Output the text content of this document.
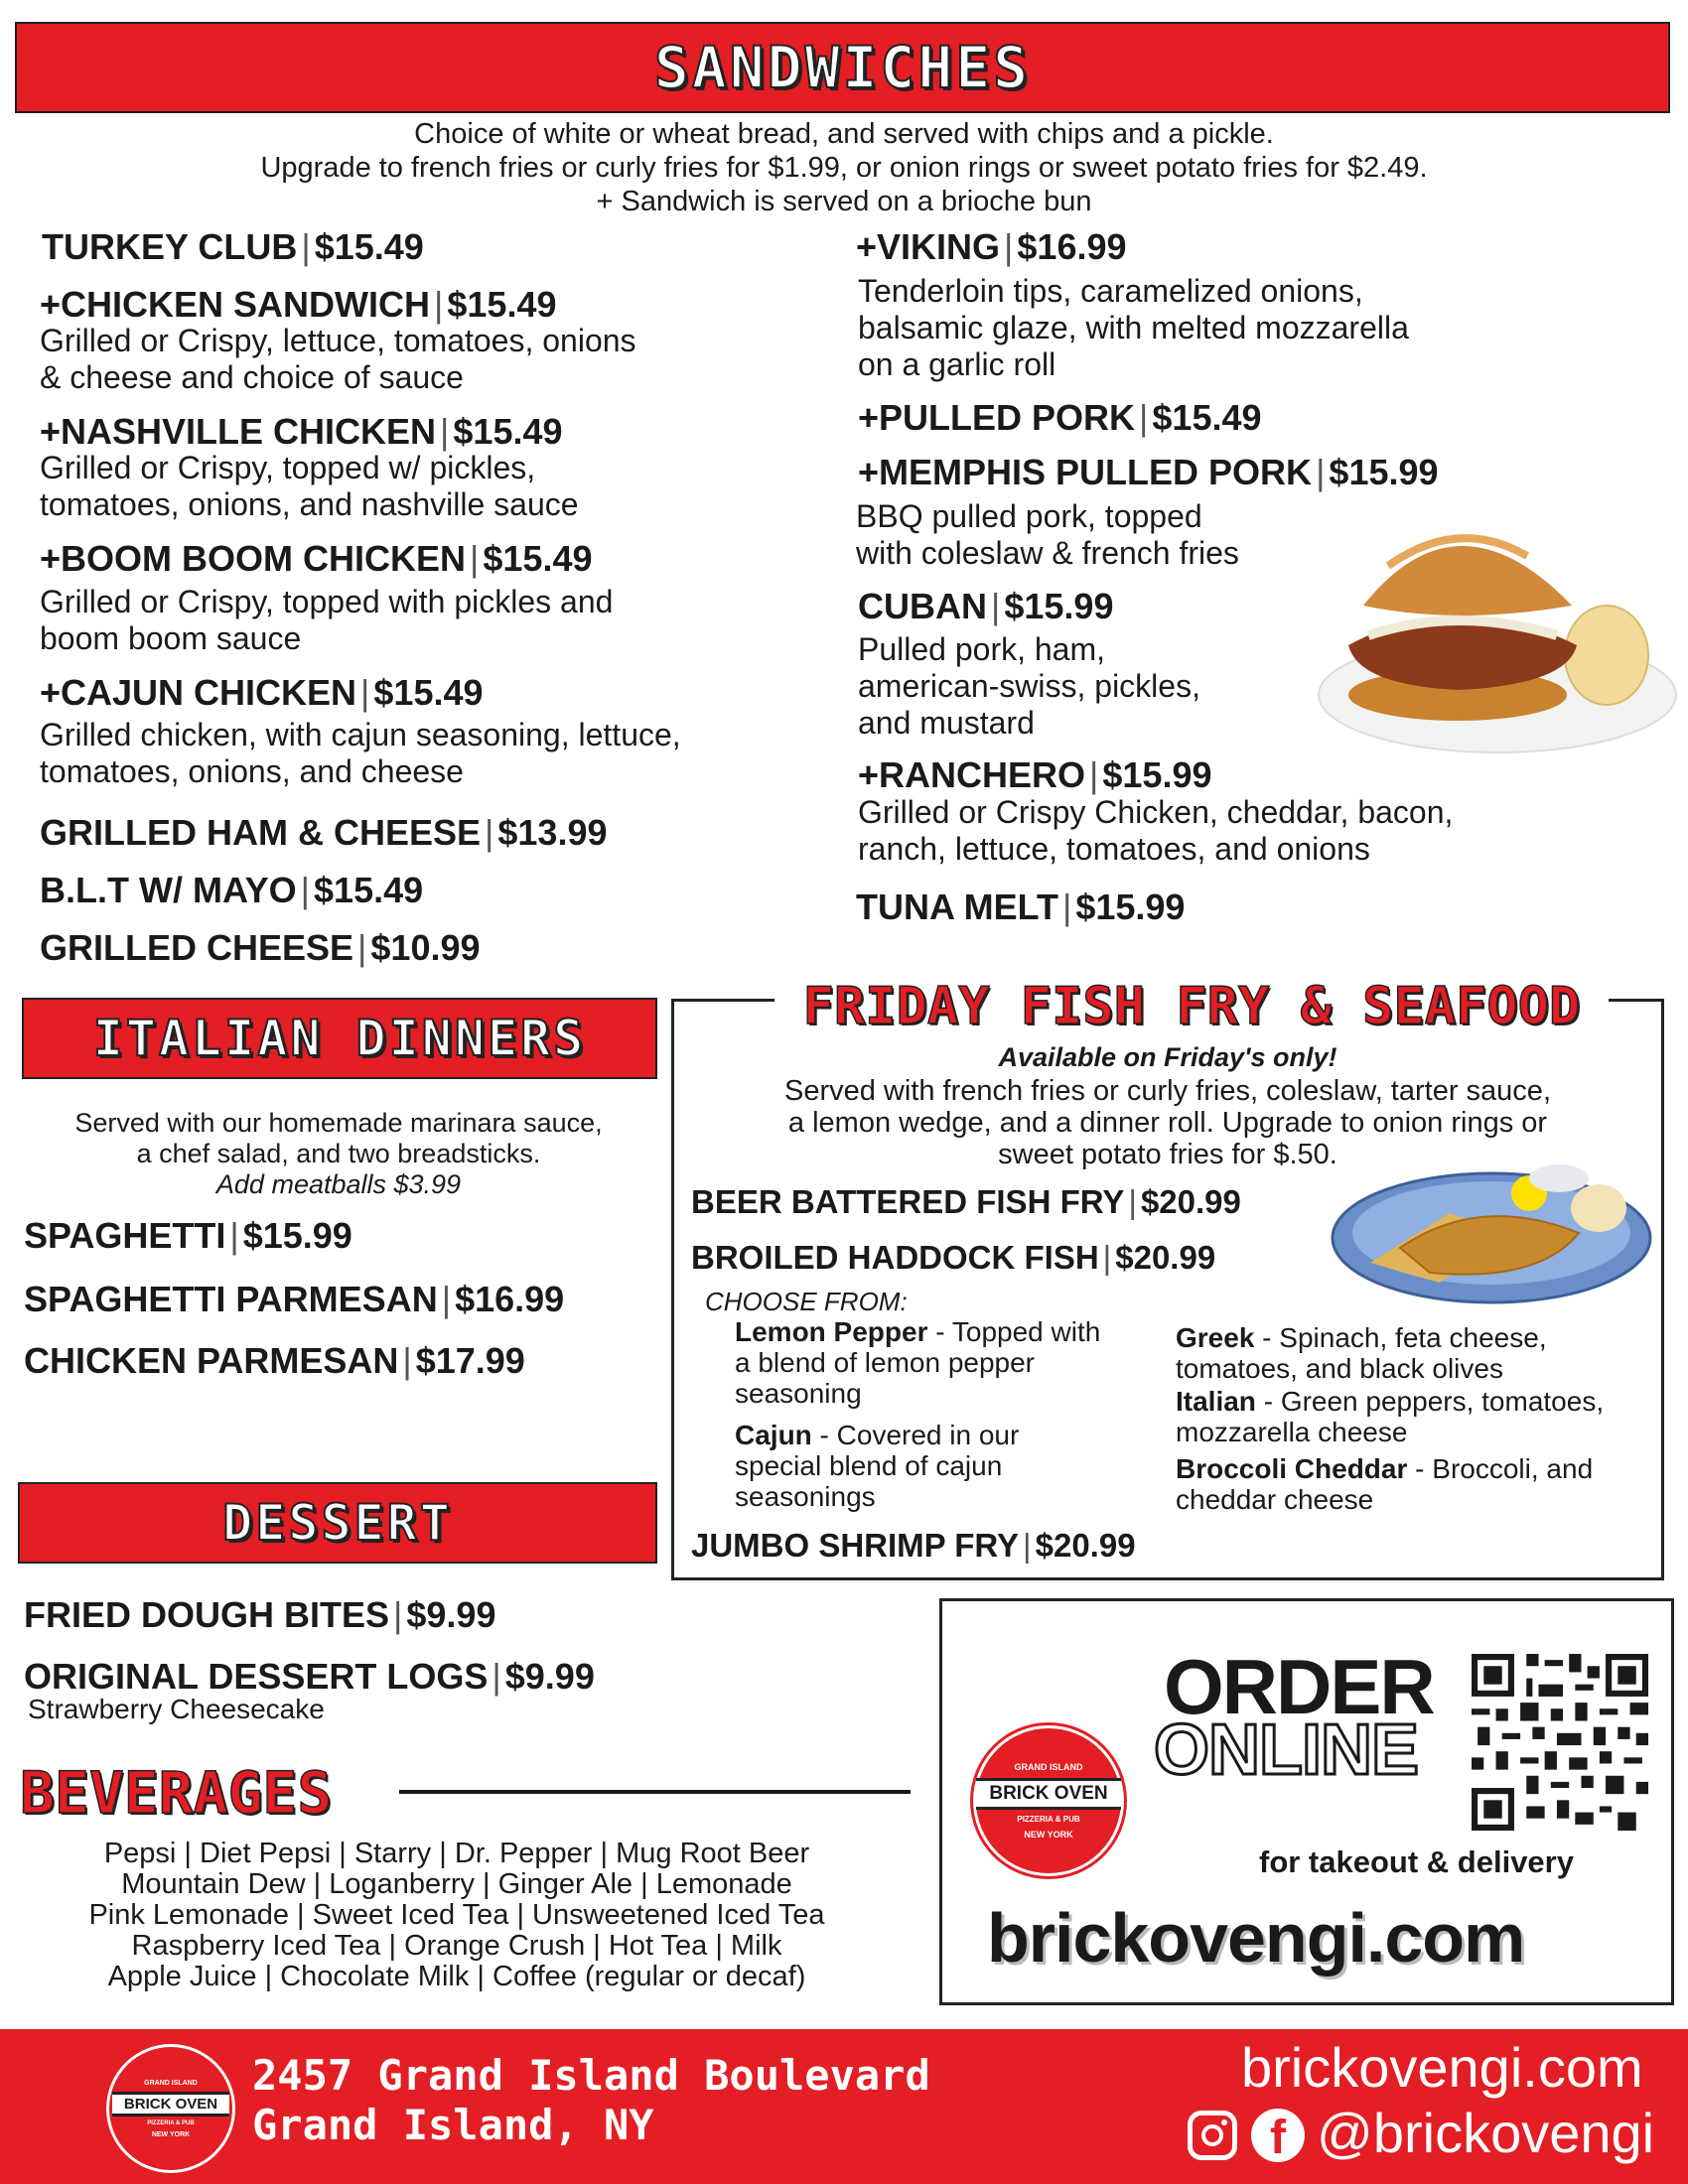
SANDWICHES
Choice of white or wheat bread, and served with chips and a pickle.
Upgrade to french fries or curly fries for $1.99, or onion rings or sweet potato fries for $2.49.
+ Sandwich is served on a brioche bun
TURKEY CLUB | $15.49
+CHICKEN SANDWICH | $15.49
Grilled or Crispy, lettuce, tomatoes, onions
& cheese and choice of sauce
+NASHVILLE CHICKEN | $15.49
Grilled or Crispy, topped w/ pickles,
tomatoes, onions, and nashville sauce
+BOOM BOOM CHICKEN | $15.49
Grilled or Crispy, topped with pickles and
boom boom sauce
+CAJUN CHICKEN | $15.49
Grilled chicken, with cajun seasoning, lettuce,
tomatoes, onions, and cheese
GRILLED HAM & CHEESE | $13.99
B.L.T W/ MAYO | $15.49
GRILLED CHEESE | $10.99
+VIKING | $16.99
Tenderloin tips, caramelized onions,
balsamic glaze, with melted mozzarella
on a garlic roll
+PULLED PORK | $15.49
+MEMPHIS PULLED PORK | $15.99
BBQ pulled pork, topped
with coleslaw & french fries
CUBAN | $15.99
Pulled pork, ham,
american-swiss, pickles,
and mustard
+RANCHERO | $15.99
Grilled or Crispy Chicken, cheddar, bacon,
ranch, lettuce, tomatoes, and onions
TUNA MELT | $15.99
ITALIAN DINNERS
Served with our homemade marinara sauce,
a chef salad, and two breadsticks.
Add meatballs $3.99
SPAGHETTI | $15.99
SPAGHETTI PARMESAN | $16.99
CHICKEN PARMESAN | $17.99
DESSERT
FRIED DOUGH BITES | $9.99
ORIGINAL DESSERT LOGS | $9.99
Strawberry Cheesecake
BEVERAGES
Pepsi | Diet Pepsi | Starry | Dr. Pepper | Mug Root Beer
Mountain Dew | Loganberry | Ginger Ale | Lemonade
Pink Lemonade | Sweet Iced Tea | Unsweetened Iced Tea
Raspberry Iced Tea | Orange Crush | Hot Tea | Milk
Apple Juice | Chocolate Milk | Coffee (regular or decaf)
FRIDAY FISH FRY & SEAFOOD
Available on Friday's only!
Served with french fries or curly fries, coleslaw, tarter sauce,
a lemon wedge, and a dinner roll. Upgrade to onion rings or
sweet potato fries for $.50.
BEER BATTERED FISH FRY | $20.99
BROILED HADDOCK FISH | $20.99
CHOOSE FROM:
Lemon Pepper - Topped with a blend of lemon pepper seasoning
Cajun - Covered in our special blend of cajun seasonings
Greek - Spinach, feta cheese, tomatoes, and black olives
Italian - Green peppers, tomatoes, mozzarella cheese
Broccoli Cheddar - Broccoli, and cheddar cheese
JUMBO SHRIMP FRY | $20.99
GRAND ISLAND
BRICK OVEN
PIZZERIA & PUB
NEW YORK
ORDER
ONLINE
for takeout & delivery
brickovengi.com
GRAND ISLAND
BRICK OVEN
PIZZERIA & PUB
NEW YORK
2457 Grand Island Boulevard
Grand Island, NY
brickovengi.com
f @brickovengi
